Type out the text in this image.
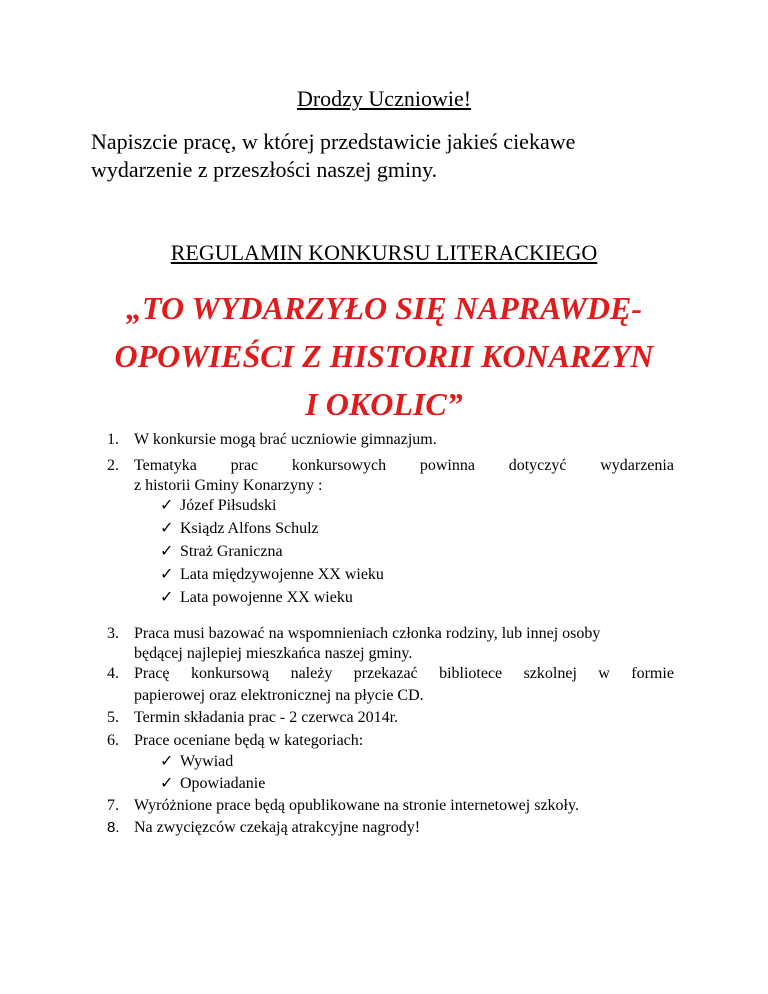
Drodzy Uczniowie!
Napiszcie pracę, w której przedstawicie jakieś ciekawe
wydarzenie z przeszłości naszej gminy.
REGULAMIN KONKURSU LITERACKIEGO
„TO WYDARZYŁO SIĘ NAPRAWDĘ-
OPOWIEŚCI Z HISTORII KONARZYN
I OKOLIC”
1. W konkursie mogą brać uczniowie gimnazjum.
2. Tematyka prac konkursowych powinna dotyczyć wydarzenia
z historii Gminy Konarzyny :
✓ Józef Piłsudski
✓ Ksiądz Alfons Schulz
✓ Straż Graniczna
✓ Lata międzywojenne XX wieku
✓ Lata powojenne XX wieku
3. Praca musi bazować na wspomnieniach członka rodziny, lub innej osoby
będącej najlepiej mieszkańca naszej gminy.
4. Pracę konkursową należy przekazać bibliotece szkolnej w formie
papierowej oraz elektronicznej na płycie CD.
5. Termin składania prac - 2 czerwca 2014r.
6. Prace oceniane będą w kategoriach:
✓ Wywiad
✓ Opowiadanie
7. Wyróżnione prace będą opublikowane na stronie internetowej szkoły.
8. Na zwycięzców czekają atrakcyjne nagrody!
